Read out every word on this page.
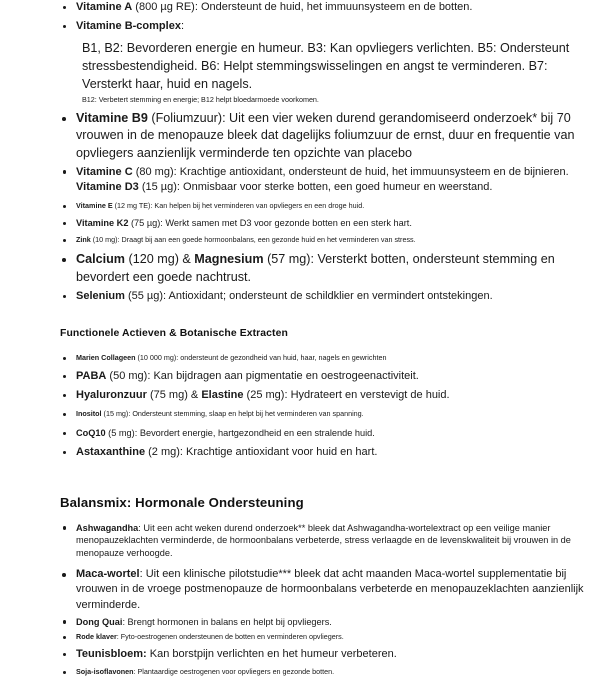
Vitamine A (800 µg RE): Ondersteunt de huid, het immuunsysteem en de botten.
Vitamine B-complex:

B1, B2: Bevorderen energie en humeur. B3: Kan opvliegers verlichten. B5: Ondersteunt stressbestendigheid. B6: Helpt stemmingswisselingen en angst te verminderen. B7: Versterkt haar, huid en nagels.

B12: Verbetert stemming en energie; B12 helpt bloedarmoede voorkomen.

Vitamine B9 (Foliumzuur): Uit een vier weken durend gerandomiseerd onderzoek* bij 70 vrouwen in de menopauze bleek dat dagelijks foliumzuur de ernst, duur en frequentie van opvliegers aanzienlijk verminderde ten opzichte van placebo
Vitamine C (80 mg): Krachtige antioxidant, ondersteunt de huid, het immuunsysteem en de bijnieren. Vitamine D3 (15 µg): Onmisbaar voor sterke botten, een goed humeur en weerstand.
Vitamine E (12 mg TE): Kan helpen bij het verminderen van opvliegers en een droge huid.
Vitamine K2 (75 µg): Werkt samen met D3 voor gezonde botten en een sterk hart.
Zink (10 mg): Draagt bij aan een goede hormoonbalans, een gezonde huid en het verminderen van stress.
Calcium (120 mg) & Magnesium (57 mg): Versterkt botten, ondersteunt stemming en bevordert een goede nachtrust.
Selenium (55 µg): Antioxidant; ondersteunt de schildklier en vermindert ontstekingen.
Functionele Actieven & Botanische Extracten
Marien Collageen (10 000 mg): ondersteunt de gezondheid van huid, haar, nagels en gewrichten
PABA (50 mg): Kan bijdragen aan pigmentatie en oestrogeenactiviteit.
Hyaluronzuur (75 mg) & Elastine (25 mg): Hydrateert en verstevigt de huid.
Inositol (15 mg): Ondersteunt stemming, slaap en helpt bij het verminderen van spanning.
CoQ10 (5 mg): Bevordert energie, hartgezondheid en een stralende huid.
Astaxanthine (2 mg): Krachtige antioxidant voor huid en hart.
Balansmix: Hormonale Ondersteuning
Ashwagandha: Uit een acht weken durend onderzoek** bleek dat Ashwagandha-wortelextract op een veilige manier menopauzeklachten verminderde, de hormoonbalans verbeterde, stress verlaagde en de levenskwaliteit bij vrouwen in de menopauze verhoogde.
Maca-wortel: Uit een klinische pilotstudie*** bleek dat acht maanden Maca-wortel supplementatie bij vrouwen in de vroege postmenopauze de hormoonbalans verbeterde en menopauzeklachten aanzienlijk verminderde.
Dong Quai: Brengt hormonen in balans en helpt bij opvliegers.
Rode klaver: Fyto-oestrogenen ondersteunen de botten en verminderen opvliegers.
Teunisbloem: Kan borstpijn verlichten en het humeur verbeteren.
Soja-isoflavonen: Plantaardige oestrogenen voor opvliegers en gezonde botten.
